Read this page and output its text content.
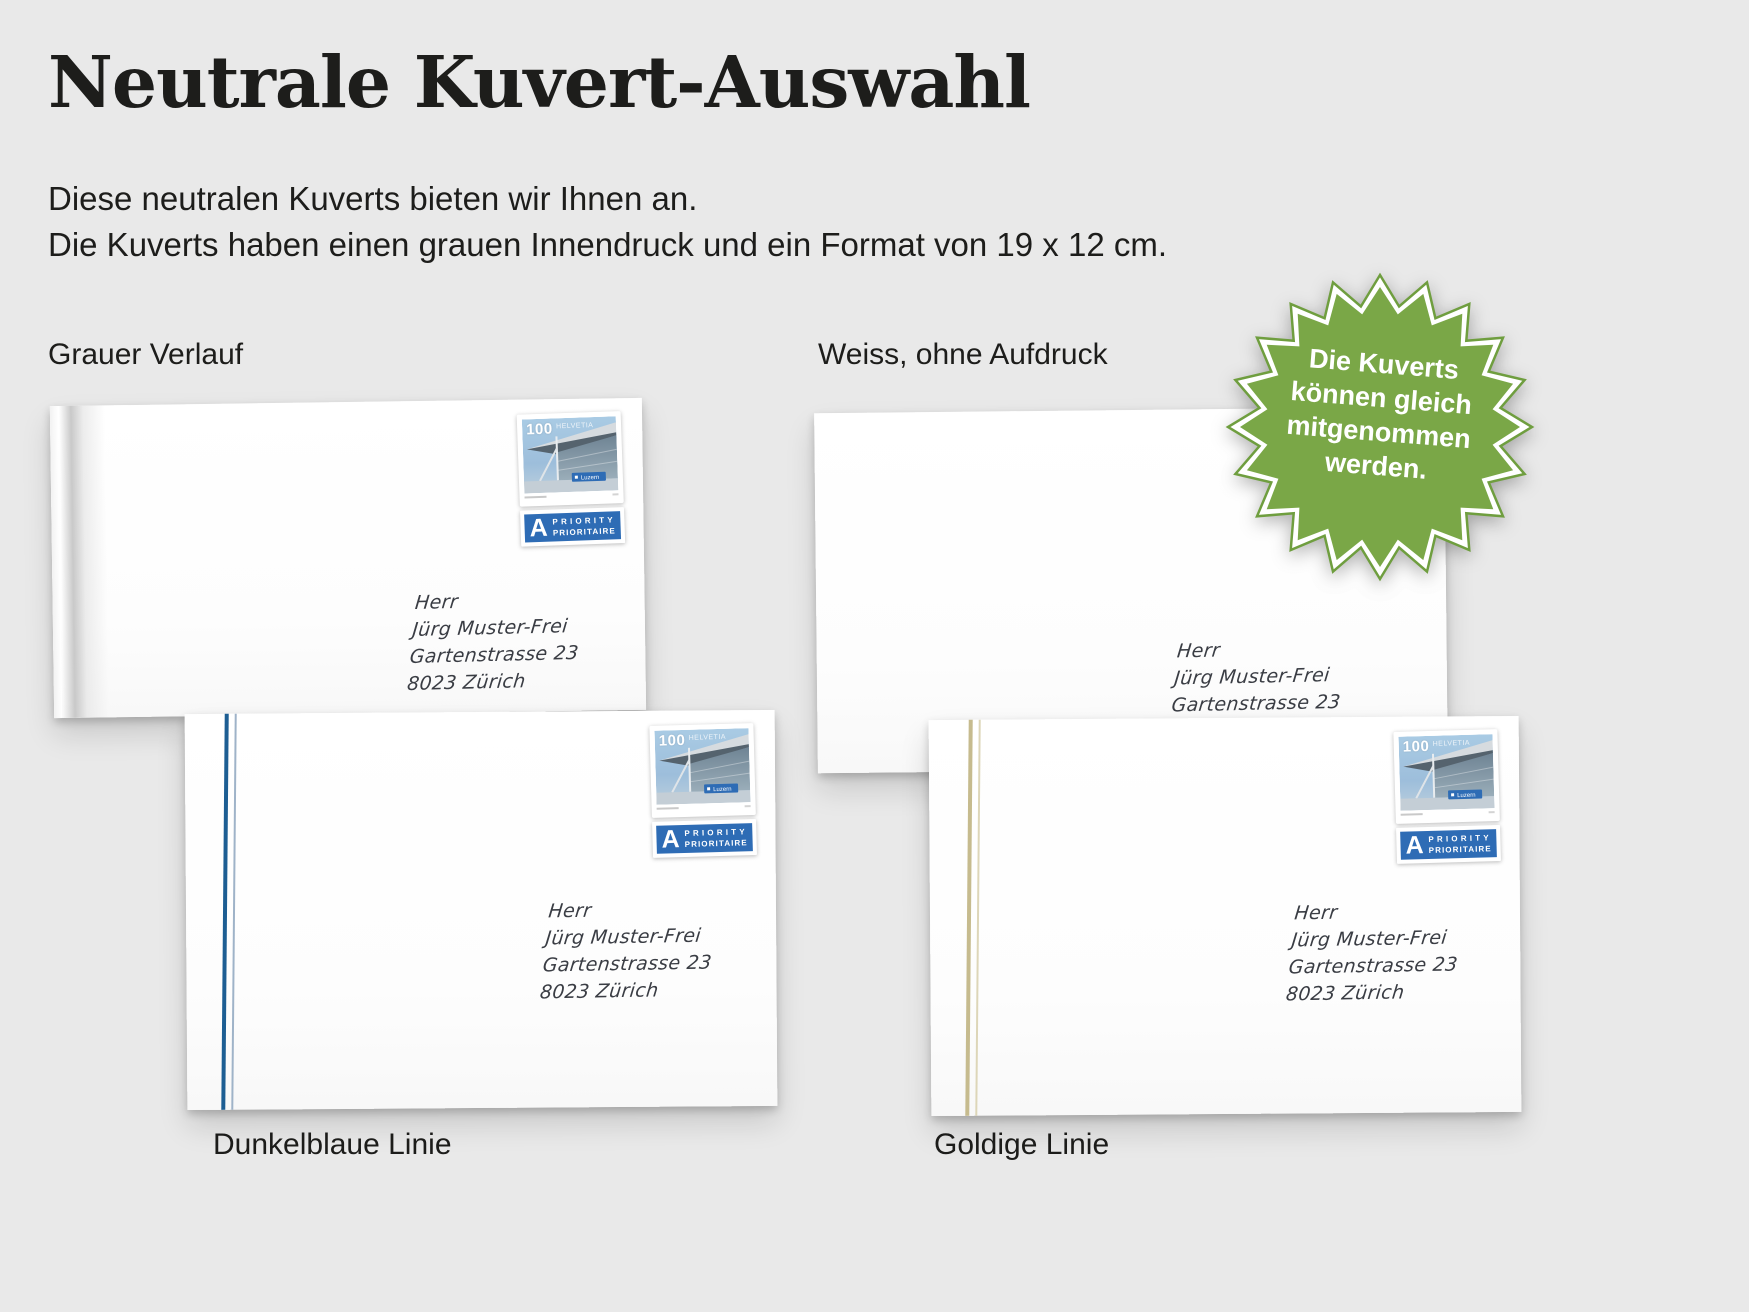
Neutrale Kuvert-Auswahl
Diese neutralen Kuverts bieten wir Ihnen an.
Die Kuverts haben einen grauen Innendruck und ein Format von 19 x 12 cm.
Grauer Verlauf	Weiss, ohne Aufdruck
Dunkelblaue Linie	Goldige Linie
Luzern
100 HELVETIA
A PRIORITY
PRIORITAIRE
Herr
Jürg Muster-Frei
Gartenstrasse 23
8023 Zürich
Herr
Jürg Muster-Frei
Gartenstrasse 23
Luzern
100 HELVETIA
A PRIORITY
PRIORITAIRE
Herr
Jürg Muster-Frei
Gartenstrasse 23
8023 Zürich
Luzern
100 HELVETIA
A PRIORITY
PRIORITAIRE
Herr
Jürg Muster-Frei
Gartenstrasse 23
8023 Zürich
Die Kuverts
können gleich
mitgenommen
werden.
